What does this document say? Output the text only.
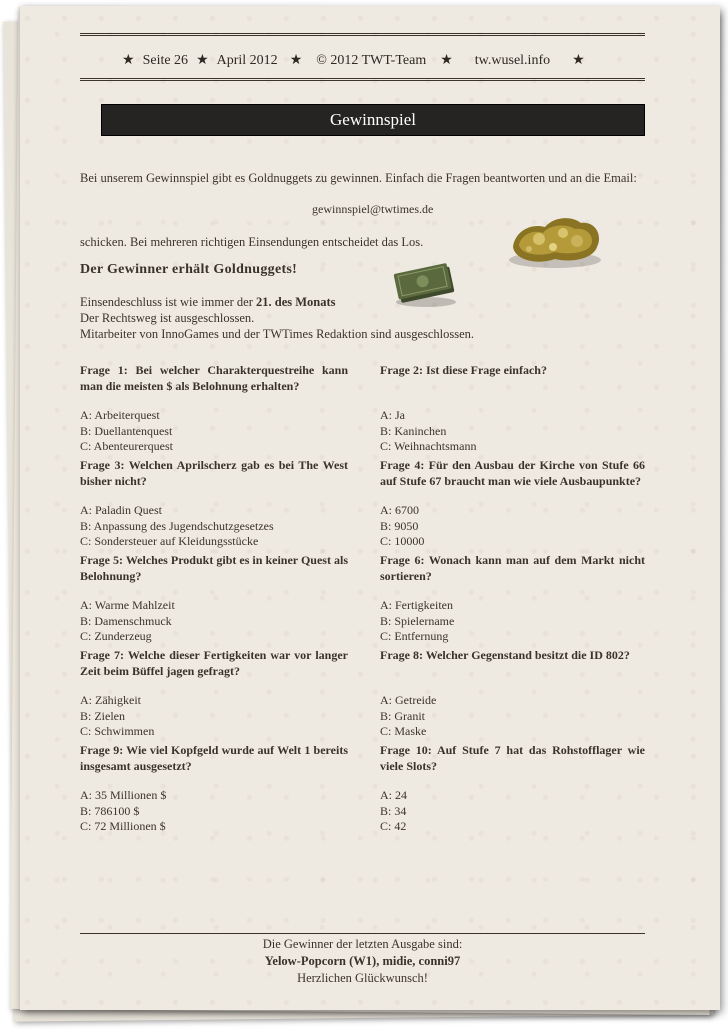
★ Seite 26 ★ April 2012 ★ © 2012 TWT-Team ★ tw.wusel.info ★
Gewinnspiel
Bei unserem Gewinnspiel gibt es Goldnuggets zu gewinnen. Einfach die Fragen beantworten und an die Email:
gewinnspiel@twtimes.de
schicken. Bei mehreren richtigen Einsendungen entscheidet das Los.
Der Gewinner erhält Goldnuggets!
Einsendeschluss ist wie immer der 21. des Monats
Der Rechtsweg ist ausgeschlossen.
Mitarbeiter von InnoGames und der TWTimes Redaktion sind ausgeschlossen.
Frage 1: Bei welcher Charakterquestreihe kann man die meisten $ als Belohnung erhalten?
A: Arbeiterquest
B: Duellantenquest
C: Abenteurerquest
Frage 2: Ist diese Frage einfach?
A: Ja
B: Kaninchen
C: Weihnachtsmann
Frage 3: Welchen Aprilscherz gab es bei The West bisher nicht?
A: Paladin Quest
B: Anpassung des Jugendschutzgesetzes
C: Sondersteuer auf Kleidungsstücke
Frage 4: Für den Ausbau der Kirche von Stufe 66 auf Stufe 67 braucht man wie viele Ausbaupunkte?
A: 6700
B: 9050
C: 10000
Frage 5: Welches Produkt gibt es in keiner Quest als Belohnung?
A: Warme Mahlzeit
B: Damenschmuck
C: Zunderzeug
Frage 6: Wonach kann man auf dem Markt nicht sortieren?
A: Fertigkeiten
B: Spielername
C: Entfernung
Frage 7: Welche dieser Fertigkeiten war vor langer Zeit beim Büffel jagen gefragt?
A: Zähigkeit
B: Zielen
C: Schwimmen
Frage 8: Welcher Gegenstand besitzt die ID 802?
A: Getreide
B: Granit
C: Maske
Frage 9: Wie viel Kopfgeld wurde auf Welt 1 bereits insgesamt ausgesetzt?
A: 35 Millionen $
B: 786100 $
C: 72 Millionen $
Frage 10: Auf Stufe 7 hat das Rohstofflager wie viele Slots?
A: 24
B: 34
C: 42
Die Gewinner der letzten Ausgabe sind:
Yelow-Popcorn (W1), midie, conni97
Herzlichen Glückwunsch!
